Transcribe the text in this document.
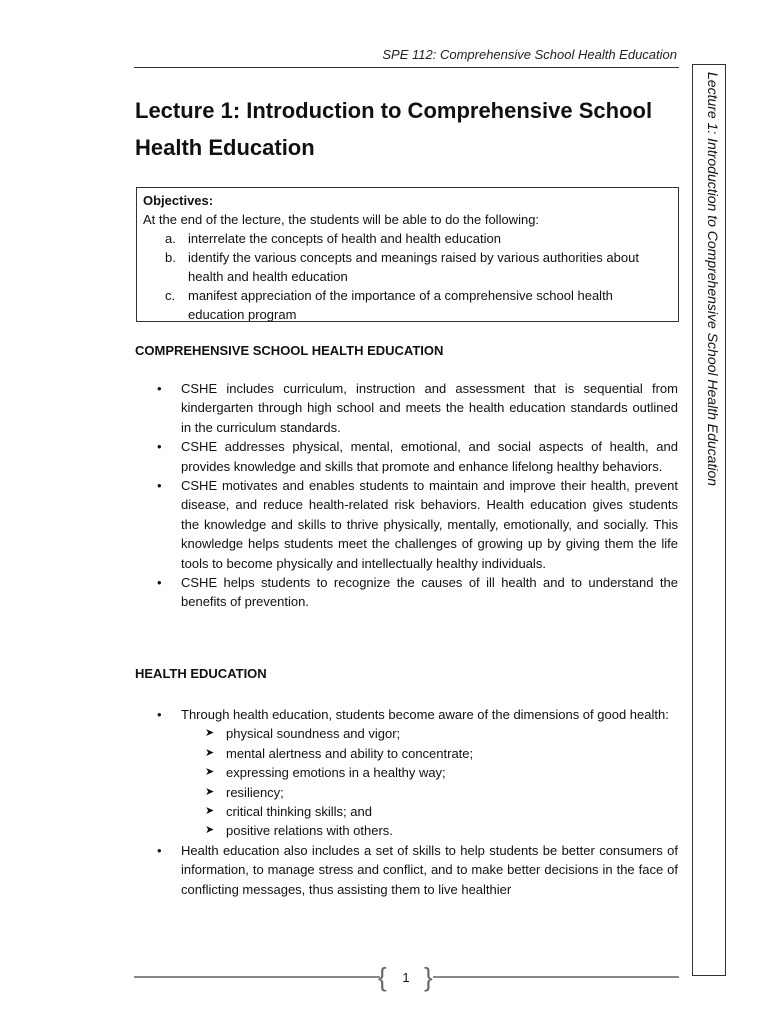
SPE 112: Comprehensive School Health Education
Lecture 1: Introduction to Comprehensive School Health Education
Lecture 1: Introduction to Comprehensive School Health Education
Objectives:
At the end of the lecture, the students will be able to do the following:
a. interrelate the concepts of health and health education
b. identify the various concepts and meanings raised by various authorities about health and health education
c. manifest appreciation of the importance of a comprehensive school health education program
COMPREHENSIVE SCHOOL HEALTH EDUCATION
• CSHE includes curriculum, instruction and assessment that is sequential from kindergarten through high school and meets the health education standards outlined in the curriculum standards.
• CSHE addresses physical, mental, emotional, and social aspects of health, and provides knowledge and skills that promote and enhance lifelong healthy behaviors.
• CSHE motivates and enables students to maintain and improve their health, prevent disease, and reduce health-related risk behaviors. Health education gives students the knowledge and skills to thrive physically, mentally, emotionally, and socially. This knowledge helps students meet the challenges of growing up by giving them the life tools to become physically and intellectually healthy individuals.
• CSHE helps students to recognize the causes of ill health and to understand the benefits of prevention.
HEALTH EDUCATION
• Through health education, students become aware of the dimensions of good health:
➤ physical soundness and vigor;
➤ mental alertness and ability to concentrate;
➤ expressing emotions in a healthy way;
➤ resiliency;
➤ critical thinking skills; and
➤ positive relations with others.
• Health education also includes a set of skills to help students be better consumers of information, to manage stress and conflict, and to make better decisions in the face of conflicting messages, thus assisting them to live healthier
{ }
1
